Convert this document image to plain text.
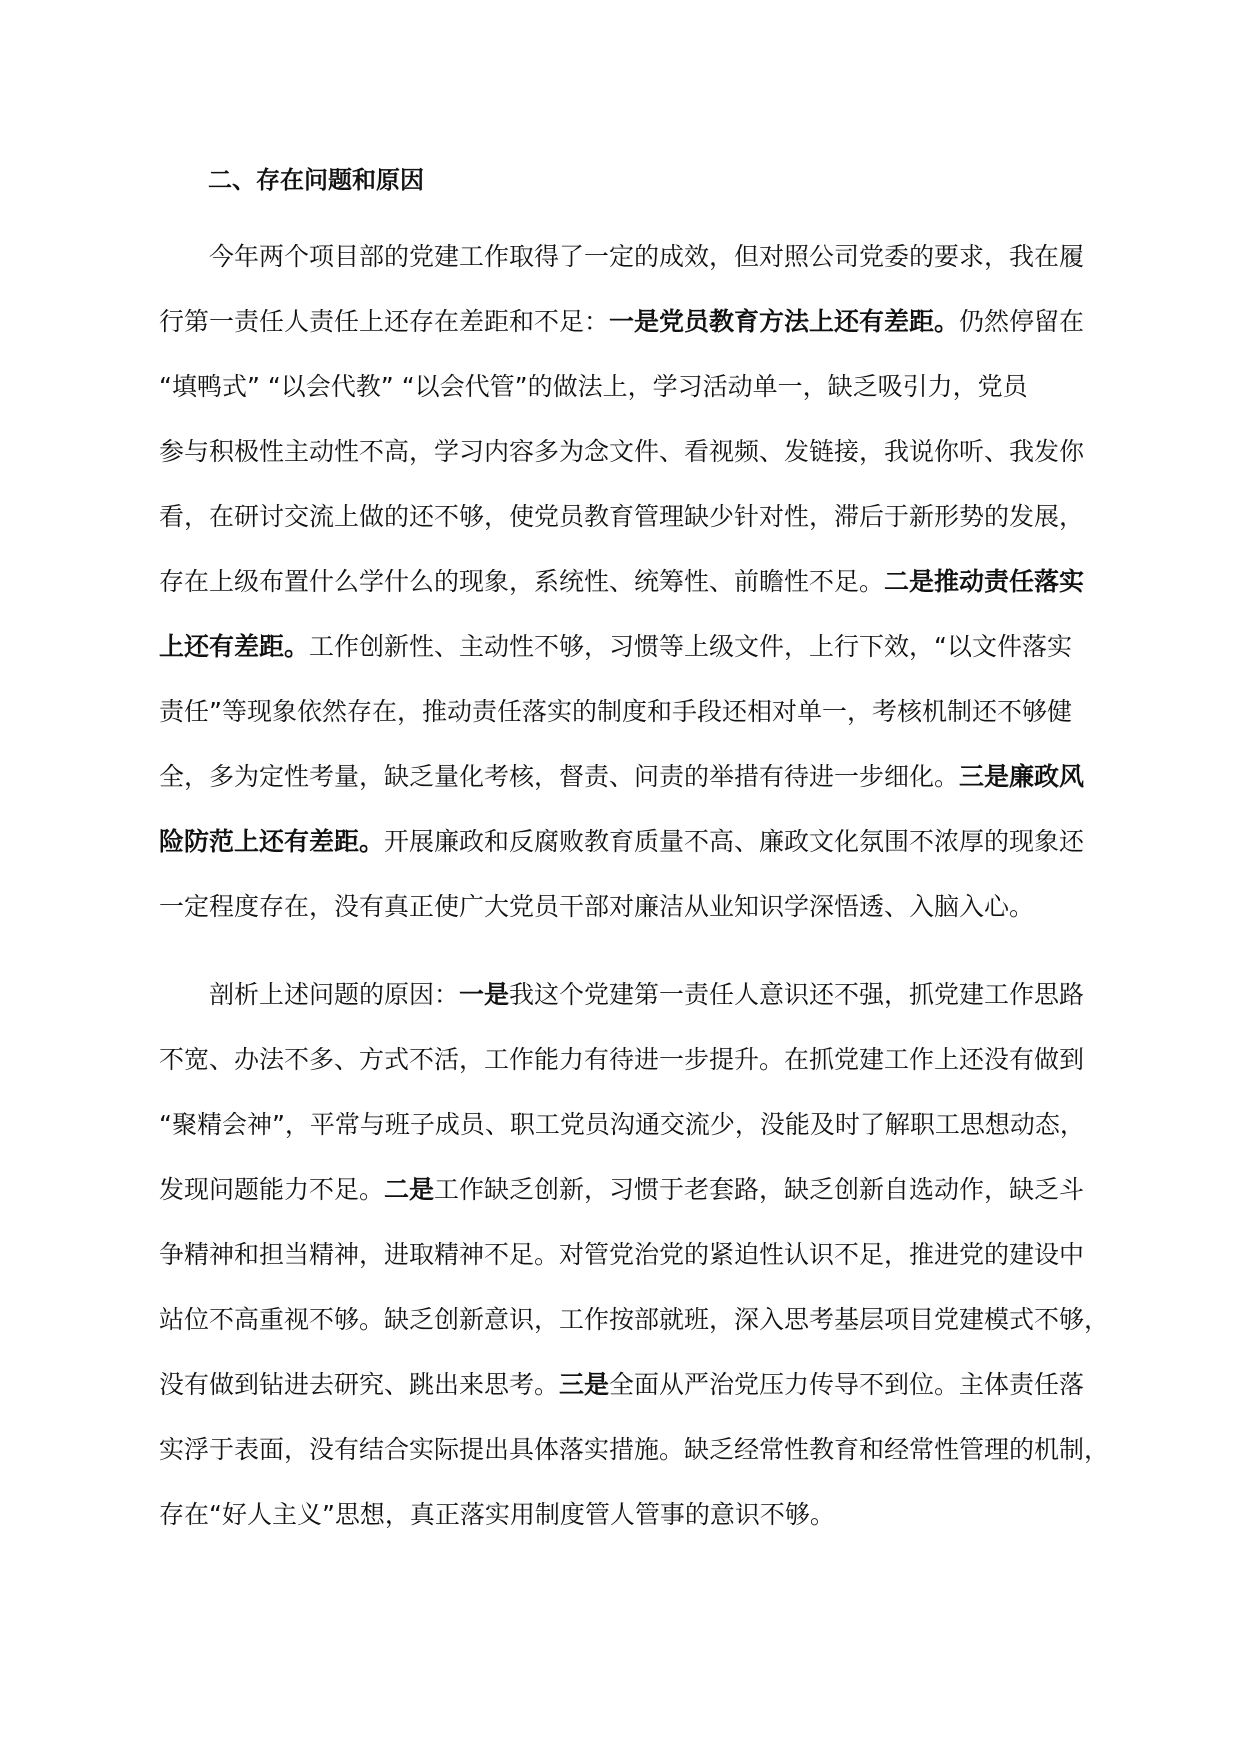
二、存在问题和原因
今年两个项目部的党建工作取得了一定的成效，但对照公司党委的要求，我在履
行第一责任人责任上还存在差距和不足：一是党员教育方法上还有差距。仍然停留在
“填鸭式” “以会代教” “以会代管”的做法上，学习活动单一，缺乏吸引力，党员
参与积极性主动性不高，学习内容多为念文件、看视频、发链接，我说你听、我发你
看，在研讨交流上做的还不够，使党员教育管理缺少针对性，滞后于新形势的发展，
存在上级布置什么学什么的现象，系统性、统筹性、前瞻性不足。二是推动责任落实
上还有差距。工作创新性、主动性不够，习惯等上级文件，上行下效，“以文件落实
责任”等现象依然存在，推动责任落实的制度和手段还相对单一，考核机制还不够健
全，多为定性考量，缺乏量化考核，督责、问责的举措有待进一步细化。三是廉政风
险防范上还有差距。开展廉政和反腐败教育质量不高、廉政文化氛围不浓厚的现象还
一定程度存在，没有真正使广大党员干部对廉洁从业知识学深悟透、入脑入心。
剖析上述问题的原因：一是我这个党建第一责任人意识还不强，抓党建工作思路
不宽、办法不多、方式不活，工作能力有待进一步提升。在抓党建工作上还没有做到
“聚精会神”，平常与班子成员、职工党员沟通交流少，没能及时了解职工思想动态，
发现问题能力不足。二是工作缺乏创新，习惯于老套路，缺乏创新自选动作，缺乏斗
争精神和担当精神，进取精神不足。对管党治党的紧迫性认识不足，推进党的建设中
站位不高重视不够。缺乏创新意识，工作按部就班，深入思考基层项目党建模式不够，
没有做到钻进去研究、跳出来思考。三是全面从严治党压力传导不到位。主体责任落
实浮于表面，没有结合实际提出具体落实措施。缺乏经常性教育和经常性管理的机制，
存在“好人主义”思想，真正落实用制度管人管事的意识不够。
